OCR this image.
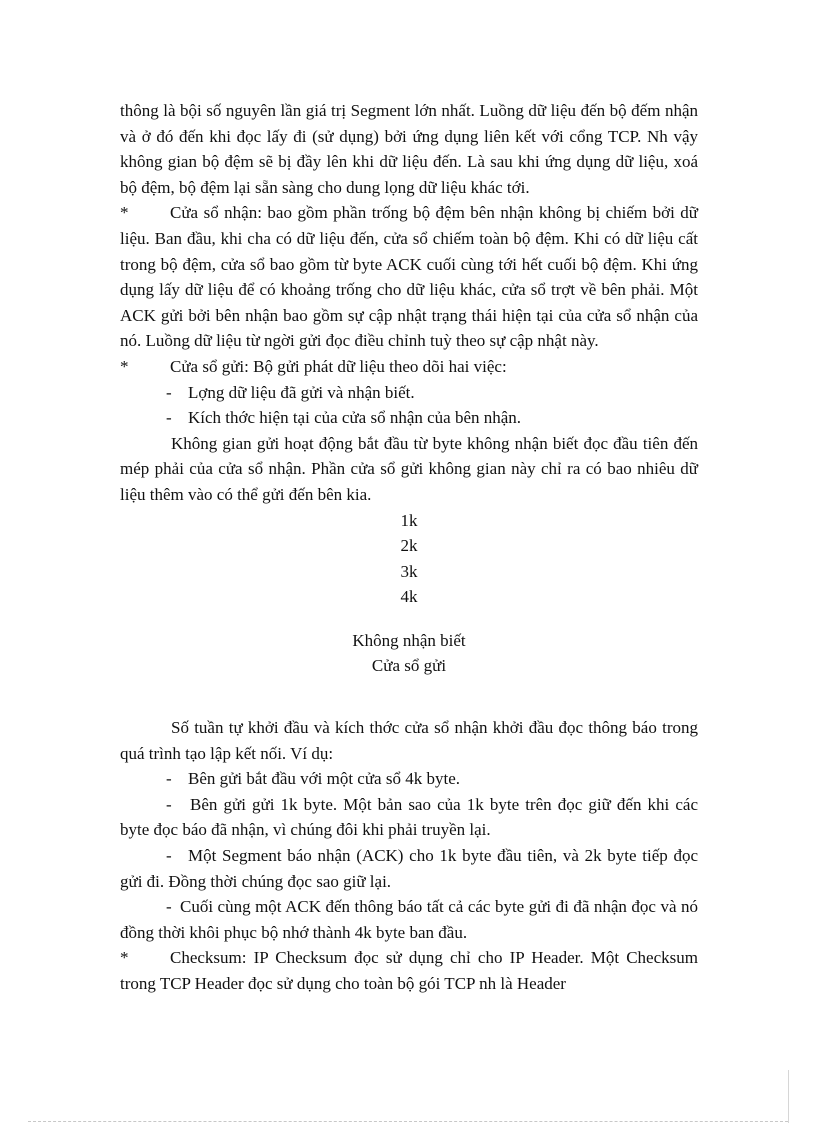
thông là bội số nguyên lần giá trị Segment lớn nhất. Luồng dữ liệu đến bộ đếm nhận và ở đó đến khi đọc lấy đi (sử dụng) bởi ứng dụng liên kết với cổng TCP. Nh vậy không gian bộ đệm sẽ bị đầy lên khi dữ liệu đến. Là sau khi ứng dụng dữ liệu, xoá bộ đệm, bộ đệm lại sẵn sàng cho dung lọng dữ liệu khác tới.

* Cửa sổ nhận: bao gồm phần trống bộ đệm bên nhận không bị chiếm bởi dữ liệu. Ban đầu, khi cha có dữ liệu đến, cửa sổ chiếm toàn bộ đệm. Khi có dữ liệu cất trong bộ đệm, cửa sổ bao gồm từ byte ACK cuối cùng tới hết cuối bộ đệm. Khi ứng dụng lấy dữ liệu để có khoảng trống cho dữ liệu khác, cửa sổ trợt về bên phải. Một ACK gửi bởi bên nhận bao gồm sự cập nhật trạng thái hiện tại của cửa sổ nhận của nó. Luồng dữ liệu từ ngời gửi đọc điều chỉnh tuỳ theo sự cập nhật này.

* Cửa sổ gửi: Bộ gửi phát dữ liệu theo dõi hai việc:

- Lợng dữ liệu đã gửi và nhận biết.

- Kích thớc hiện tại của cửa sổ nhận của bên nhận.

Không gian gửi hoạt động bắt đầu từ byte không nhận biết đọc đầu tiên đến mép phải của cửa sổ nhận. Phần cửa sổ gửi không gian này chỉ ra có bao nhiêu dữ liệu thêm vào có thể gửi đến bên kia.

1k

2k

3k

4k

Không nhận biết

Cửa sổ gửi

Số tuần tự khởi đầu và kích thớc cửa sổ nhận khởi đầu đọc thông báo trong quá trình tạo lập kết nối. Ví dụ:

- Bên gửi bắt đầu với một cửa sổ 4k byte.

- Bên gửi gửi 1k byte. Một bản sao của 1k byte trên đọc giữ đến khi các byte đọc báo đã nhận, vì chúng đôi khi phải truyền lại.

- Một Segment báo nhận (ACK) cho 1k byte đầu tiên, và 2k byte tiếp đọc gửi đi. Đồng thời chúng đọc sao giữ lại.

- Cuối cùng một ACK đến thông báo tất cả các byte gửi đi đã nhận đọc và nó đồng thời khôi phục bộ nhớ thành 4k byte ban đầu.

* Checksum: IP Checksum đọc sử dụng chỉ cho IP Header. Một Checksum trong TCP Header đọc sử dụng cho toàn bộ gói TCP nh là Header
